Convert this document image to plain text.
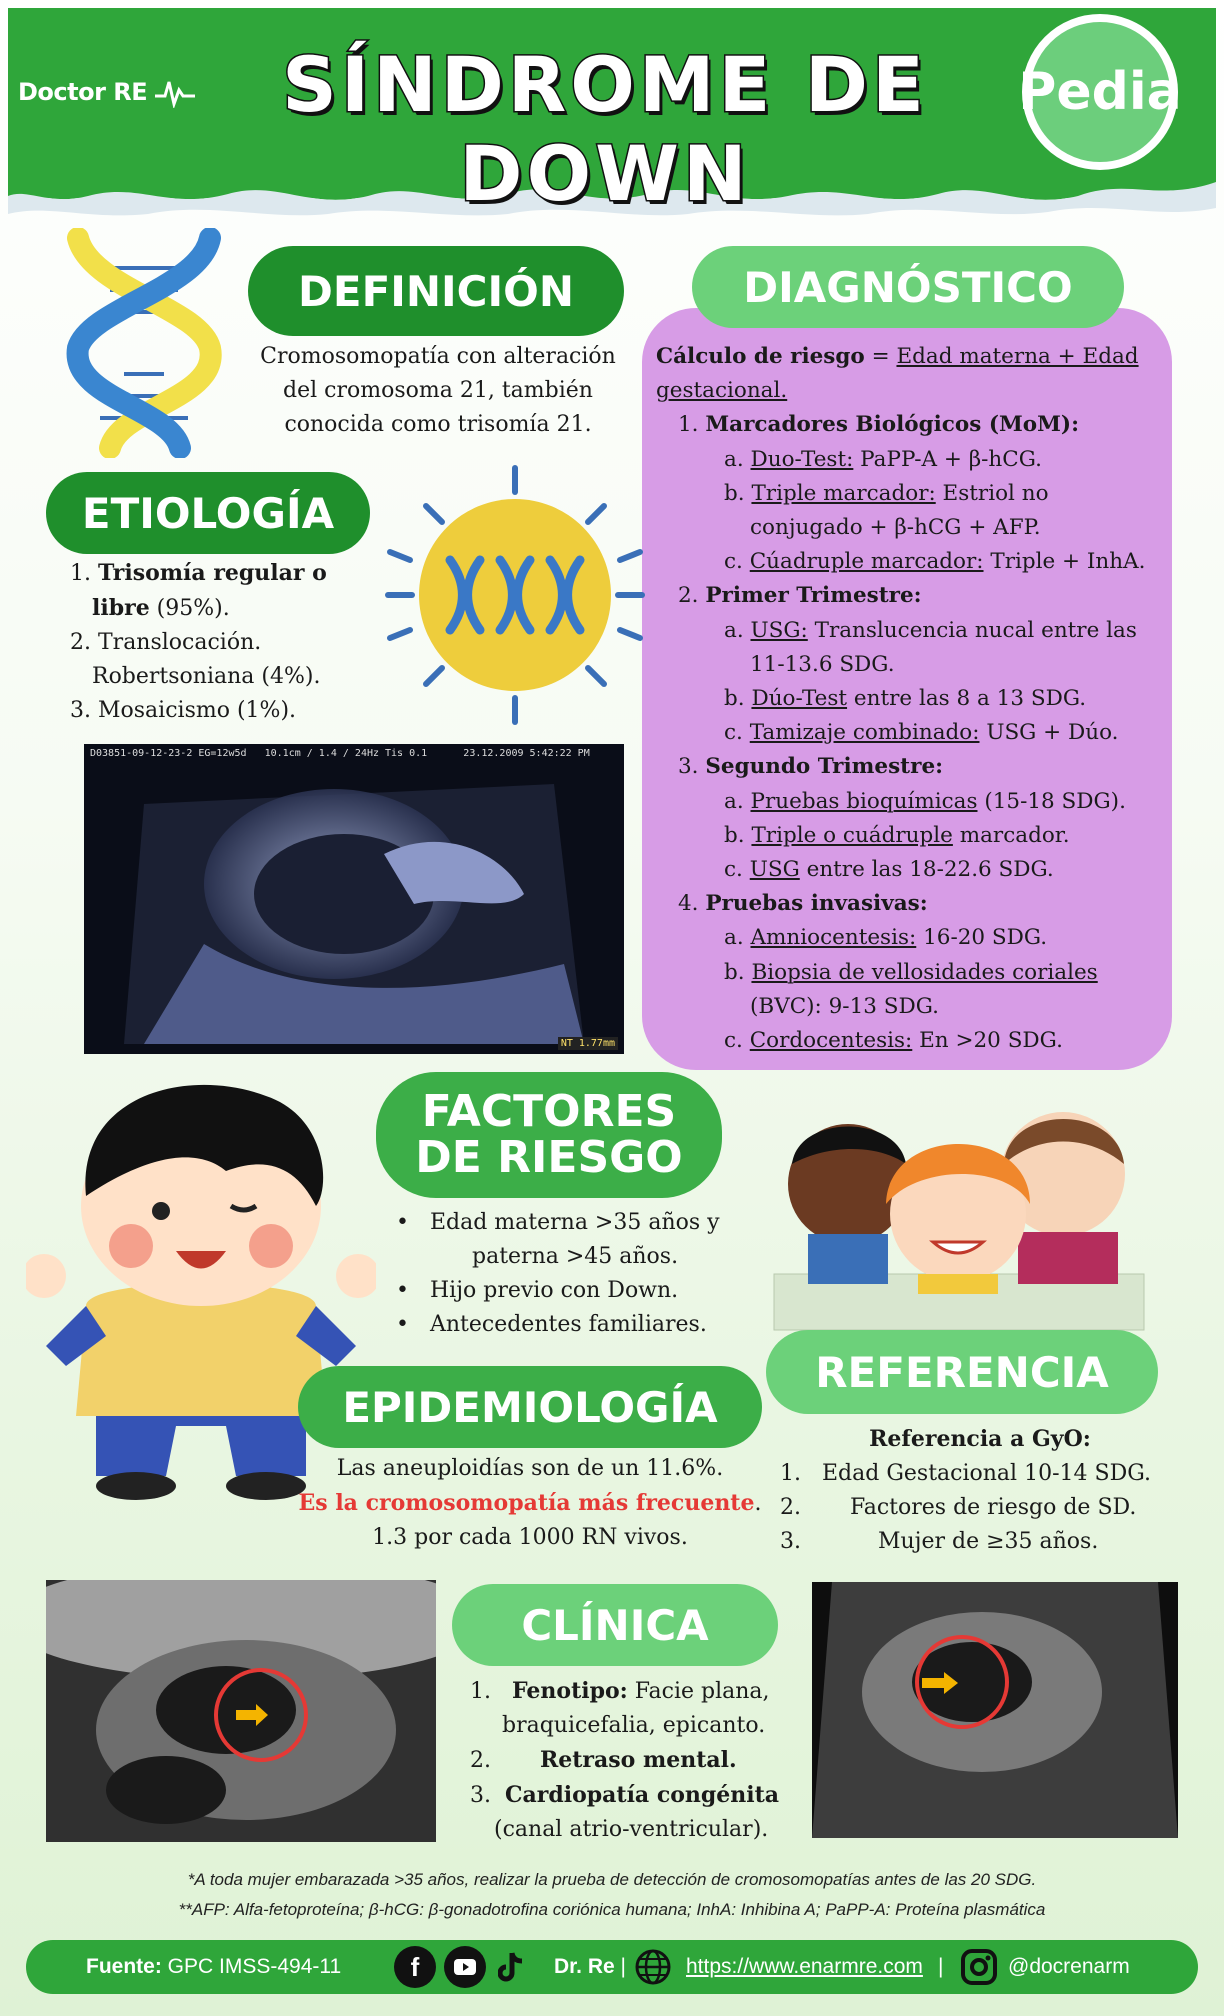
Doctor RE	SÍNDROME DE DOWN
Pedia
DEFINICIÓN
Cromosomopatía con alteración
del cromosoma 21, también
conocida como trisomía 21.
DIAGNÓSTICO
Cálculo de riesgo = Edad materna + Edad
gestacional.
1. Marcadores Biológicos (MoM):
a. Duo-Test: PaPP-A + β-hCG.
b. Triple marcador: Estriol no
conjugado + β-hCG + AFP.
c. Cúadruple marcador: Triple + InhA.
2. Primer Trimestre:
a. USG: Translucencia nucal entre las
11-13.6 SDG.
b. Dúo-Test entre las 8 a 13 SDG.
c. Tamizaje combinado: USG + Dúo.
3. Segundo Trimestre:
a. Pruebas bioquímicas (15-18 SDG).
b. Triple o cuádruple marcador.
c. USG entre las 18-22.6 SDG.
4. Pruebas invasivas:
a. Amniocentesis: 16-20 SDG.
b. Biopsia de vellosidades coriales
(BVC): 9-13 SDG.
c. Cordocentesis: En >20 SDG.
ETIOLOGÍA
1. Trisomía regular o
libre (95%).
2. Translocación.
Robertsoniana (4%).
3. Mosaicismo (1%).
D03851-09-12-23-2 EG=12w5d 10.1cm / 1.4 / 24Hz Tis 0.1	23.12.2009 5:42:22 PM
NT 1.77mm
FACTORES
DE RIESGO
•   Edad materna >35 años y
paterna >45 años.
•   Hijo previo con Down.
•   Antecedentes familiares.
REFERENCIA
Referencia a GyO:
1. Edad Gestacional 10-14 SDG.
2. Factores de riesgo de SD.
3.	Mujer de ≥35 años.
EPIDEMIOLOGÍA
Las aneuploidías son de un 11.6%.
Es la cromosomopatía más frecuente.
1.3 por cada 1000 RN vivos.
CLÍNICA
1. Fenotipo: Facie plana,
braquicefalia, epicanto.
2. Retraso mental.
3. Cardiopatía congénita
(canal atrio-ventricular).
*A toda mujer embarazada >35 años, realizar la prueba de detección de cromosomopatías antes de las 20 SDG.
**AFP: Alfa-fetoproteína; β-hCG: β-gonadotrofina coriónica humana; InhA: Inhibina A; PaPP-A: Proteína plasmática
Fuente: GPC IMSS-494-11	f	Dr. Re |	https://www.enarmre.com |	@docrenarm
